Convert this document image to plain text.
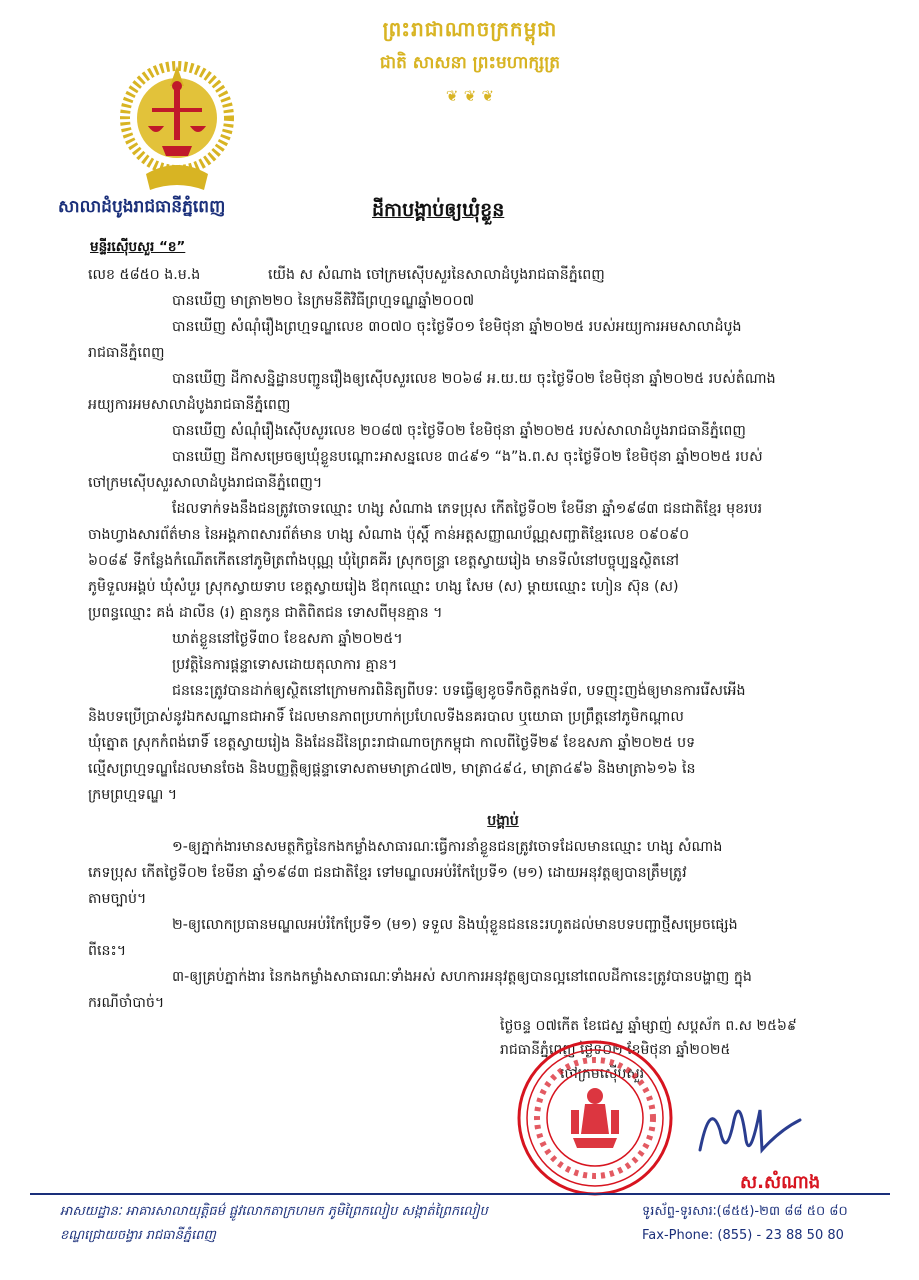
សាលាដំបូងរាជធានីភ្នំពេញ
ព្រះរាជាណាចក្រកម្ពុជា
ជាតិ សាសនា ព្រះមហាក្សត្រ
❦ ❦ ❦
ដីកាបង្គាប់ឲ្យឃុំខ្លួន
មន្ទីរស៊ើបសួរ “ខ”
លេខ ៥៨៥០ ង.ម.ង	យើង ស សំណាង ចៅក្រមស៊ើបសួរនៃសាលាដំបូងរាជធានីភ្នំពេញ
បានឃើញ មាត្រា២២០ នៃក្រមនីតិវិធីព្រហ្មទណ្ឌឆ្នាំ២០០៧
បានឃើញ សំណុំរឿងព្រហ្មទណ្ឌលេខ ៣០៧០ ចុះថ្ងៃទី០១ ខែមិថុនា ឆ្នាំ២០២៥ របស់អយ្យការអមសាលាដំបូង
រាជធានីភ្នំពេញ
បានឃើញ ដីកាសន្និដ្ឋានបញ្ជូនរឿងឲ្យស៊ើបសួរលេខ ២០៦៨ អ.យ.យ ចុះថ្ងៃទី០២ ខែមិថុនា ឆ្នាំ២០២៥ របស់តំណាង
អយ្យការអមសាលាដំបូងរាជធានីភ្នំពេញ
បានឃើញ សំណុំរឿងស៊ើបសួរលេខ ២០៨៧ ចុះថ្ងៃទី០២ ខែមិថុនា ឆ្នាំ២០២៥ របស់សាលាដំបូងរាជធានីភ្នំពេញ
បានឃើញ ដីកាសម្រេចឲ្យឃុំខ្លួនបណ្តោះអាសន្នលេខ ៣៤៩១ “ង”ង.ព.ស ចុះថ្ងៃទី០២ ខែមិថុនា ឆ្នាំ២០២៥ របស់
ចៅក្រមស៊ើបសួរសាលាដំបូងរាជធានីភ្នំពេញ។
ដែលទាក់ទងនឹងជនត្រូវចោទឈ្មោះ ហង្ស សំណាង ភេទប្រុស កើតថ្ងៃទី០២ ខែមីនា ឆ្នាំ១៩៨៣ ជនជាតិខ្មែរ មុខរបរ
ចាងហ្វាងសារព័ត៌មាន នៃអង្គភាពសារព័ត៌មាន ហង្ស សំណាង ប៉ុស្តិ៍ កាន់អត្តសញ្ញាណប័ណ្ណសញ្ជាតិខ្មែរលេខ ០៩០៩០
៦០៨៩ ទីកន្លែងកំណើតកើតនៅភូមិត្រពាំងបុណ្ណ ឃុំព្រៃគគីរ ស្រុកចន្ទ្រា ខេត្តស្វាយរៀង មានទីលំនៅបច្ចុប្បន្នស្ថិតនៅ
ភូមិទួលអង្គប់ ឃុំសំបួរ ស្រុកស្វាយទាប ខេត្តស្វាយរៀង ឪពុកឈ្មោះ ហង្ស សែម (ស) ម្តាយឈ្មោះ ហៀន ស៊ុន (ស)
ប្រពន្ធឈ្មោះ គង់ ដាលីន (រ) គ្មានកូន ជាតិពិតជន ទោសពីមុនគ្មាន ។
ឃាត់ខ្លួននៅថ្ងៃទី៣០ ខែឧសភា ឆ្នាំ២០២៥។
ប្រវត្តិនៃការផ្តន្ទាទោសដោយតុលាការ គ្មាន។
ជននេះត្រូវបានដាក់ឲ្យស្ថិតនៅក្រោមការពិនិត្យពីបទៈ បទធ្វើឲ្យខូចទឹកចិត្តកងទ័ព, បទញុះញង់ឲ្យមានការរើសអើង
និងបទប្រើប្រាស់នូវឯកសណ្ឋានជាអាទិ៍ ដែលមានភាពប្រហាក់ប្រហែលទីងនគរបាល ឬយោធា ប្រព្រឹត្តនៅភូមិកណ្តាល
ឃុំត្នោត ស្រុកកំពង់រោទិ៍ ខេត្តស្វាយរៀង និងដែនដីនៃព្រះរាជាណាចក្រកម្ពុជា កាលពីថ្ងៃទី២៩ ខែឧសភា ឆ្នាំ២០២៥ បទ
ល្មើសព្រហ្មទណ្ឌដែលមានចែង និងបញ្ញត្តិឲ្យផ្តន្ទាទោសតាមមាត្រា៤៧២, មាត្រា៤៩៤, មាត្រា៤៩៦ និងមាត្រា៦១៦ នៃ
ក្រមព្រហ្មទណ្ឌ ។
បង្គាប់
១-ឲ្យភ្នាក់ងារមានសមត្ថកិច្ចនៃកងកម្លាំងសាធារណៈធ្វើការនាំខ្លួនជនត្រូវចោទដែលមានឈ្មោះ ហង្ស សំណាង
ភេទប្រុស កើតថ្ងៃទី០២ ខែមីនា ឆ្នាំ១៩៨៣ ជនជាតិខ្មែរ ទៅមណ្ឌលអប់រំកែប្រែទី១ (ម១) ដោយអនុវត្តឲ្យបានត្រឹមត្រូវ
តាមច្បាប់។
២-ឲ្យលោកប្រធានមណ្ឌលអប់រំកែប្រែទី១ (ម១) ទទួល និងឃុំខ្លួនជននេះរហូតដល់មានបទបញ្ជាថ្មីសម្រេចផ្សេង
ពីនេះ។
៣-ឲ្យគ្រប់ភ្នាក់ងារ នៃកងកម្លាំងសាធារណៈទាំងអស់ សហការអនុវត្តឲ្យបានល្អនៅពេលដីកានេះត្រូវបានបង្ហាញ ក្នុង
ករណីចាំបាច់។
ថ្ងៃចន្ទ ០៧កើត ខែជេស្ឋ ឆ្នាំម្សាញ់ សប្តស័ក ព.ស ២៥៦៩
រាជធានីភ្នំពេញ ថ្ងៃទី០២ ខែមិថុនា ឆ្នាំ២០២៥
ចៅក្រមស៊ើបសួរ
ស.សំណាង
អាសយដ្ឋានៈ អាគារសាលាយុត្តិធម៌ ផ្លូវលោកតាក្រហមក ភូមិព្រៃកលៀប សង្កាត់ព្រៃកលៀប
ខណ្ឌជ្រោយចង្វារ រាជធានីភ្នំពេញ
ទូរស័ព្ទ-ទូរសារៈ(៨៥៥)-២៣ ៨៨ ៥០ ៨០
Fax-Phone: (855) - 23 88 50 80
